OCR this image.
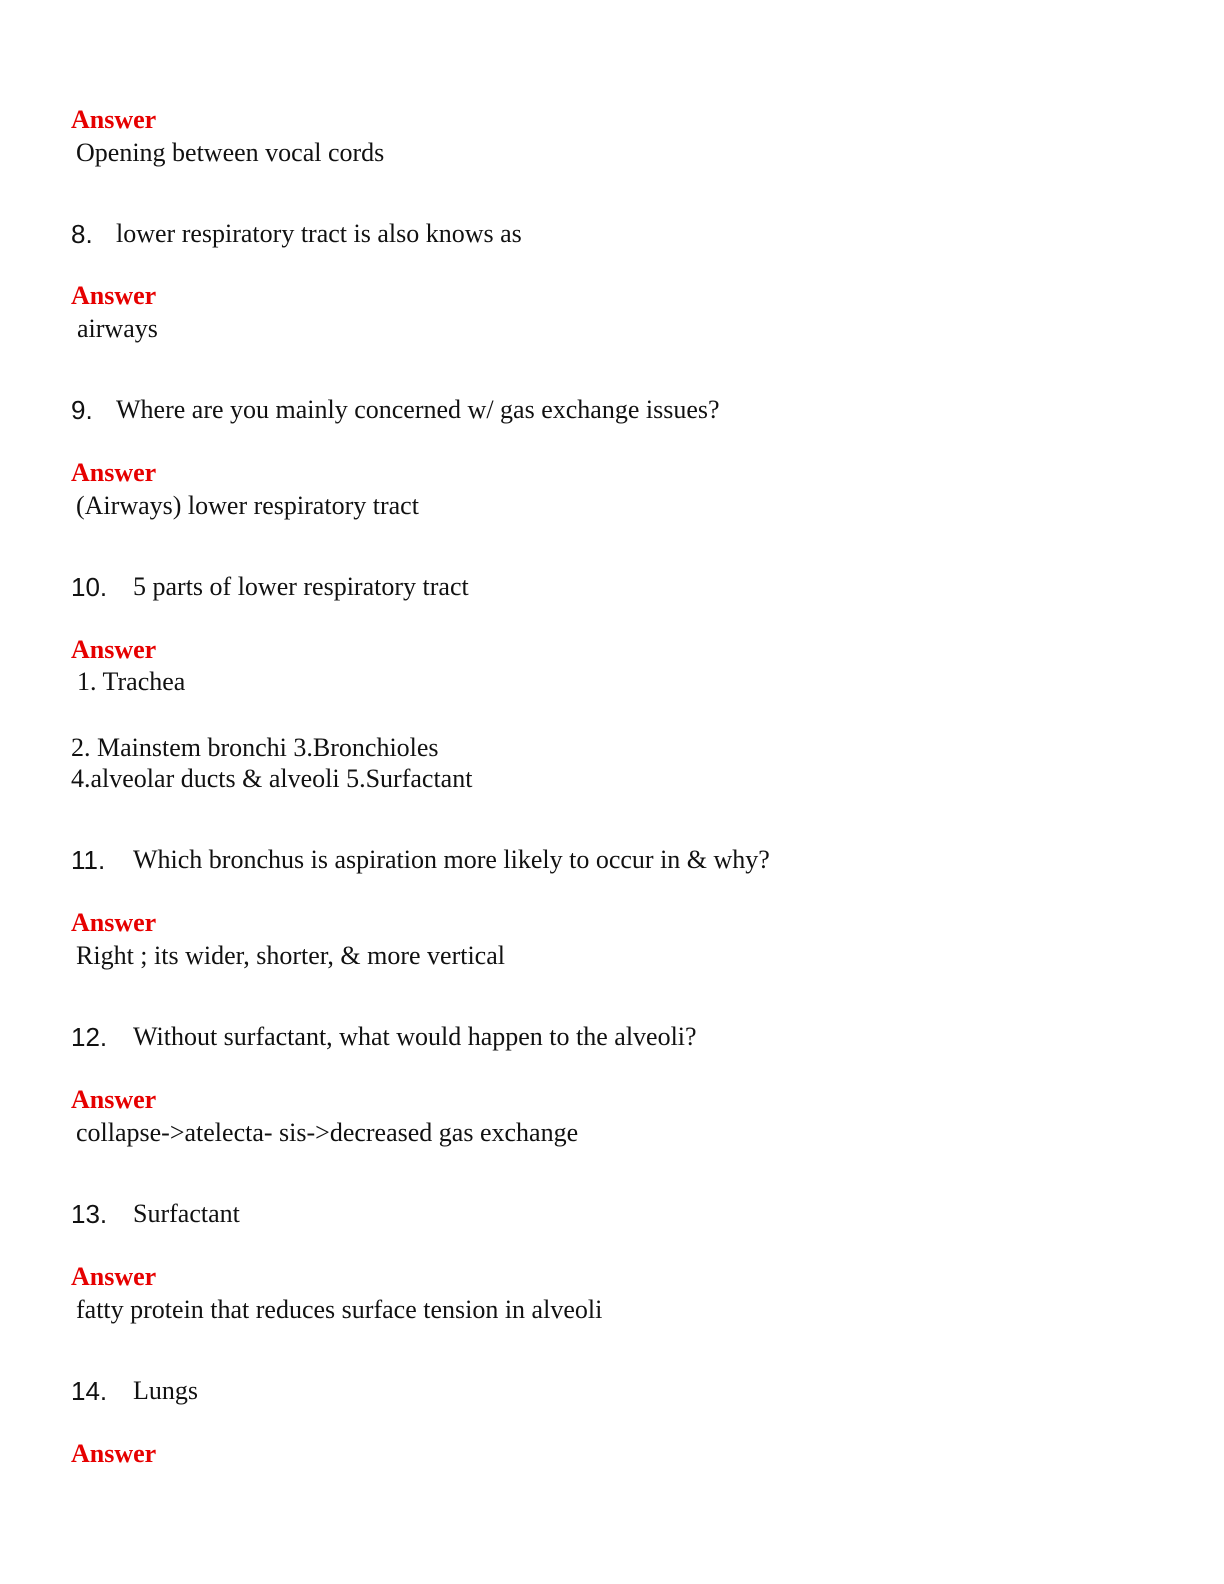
Answer
Opening between vocal cords
8. lower respiratory tract is also knows as
Answer
airways
9. Where are you mainly concerned w/ gas exchange issues?
Answer
(Airways) lower respiratory tract
10. 5 parts of lower respiratory tract
Answer
1. Trachea
2. Mainstem bronchi 3.Bronchioles
4.alveolar ducts & alveoli 5.Surfactant
11. Which bronchus is aspiration more likely to occur in & why?
Answer
Right ; its wider, shorter, & more vertical
12. Without surfactant, what would happen to the alveoli?
Answer
collapse->atelecta- sis->decreased gas exchange
13. Surfactant
Answer
fatty protein that reduces surface tension in alveoli
14. Lungs
Answer
